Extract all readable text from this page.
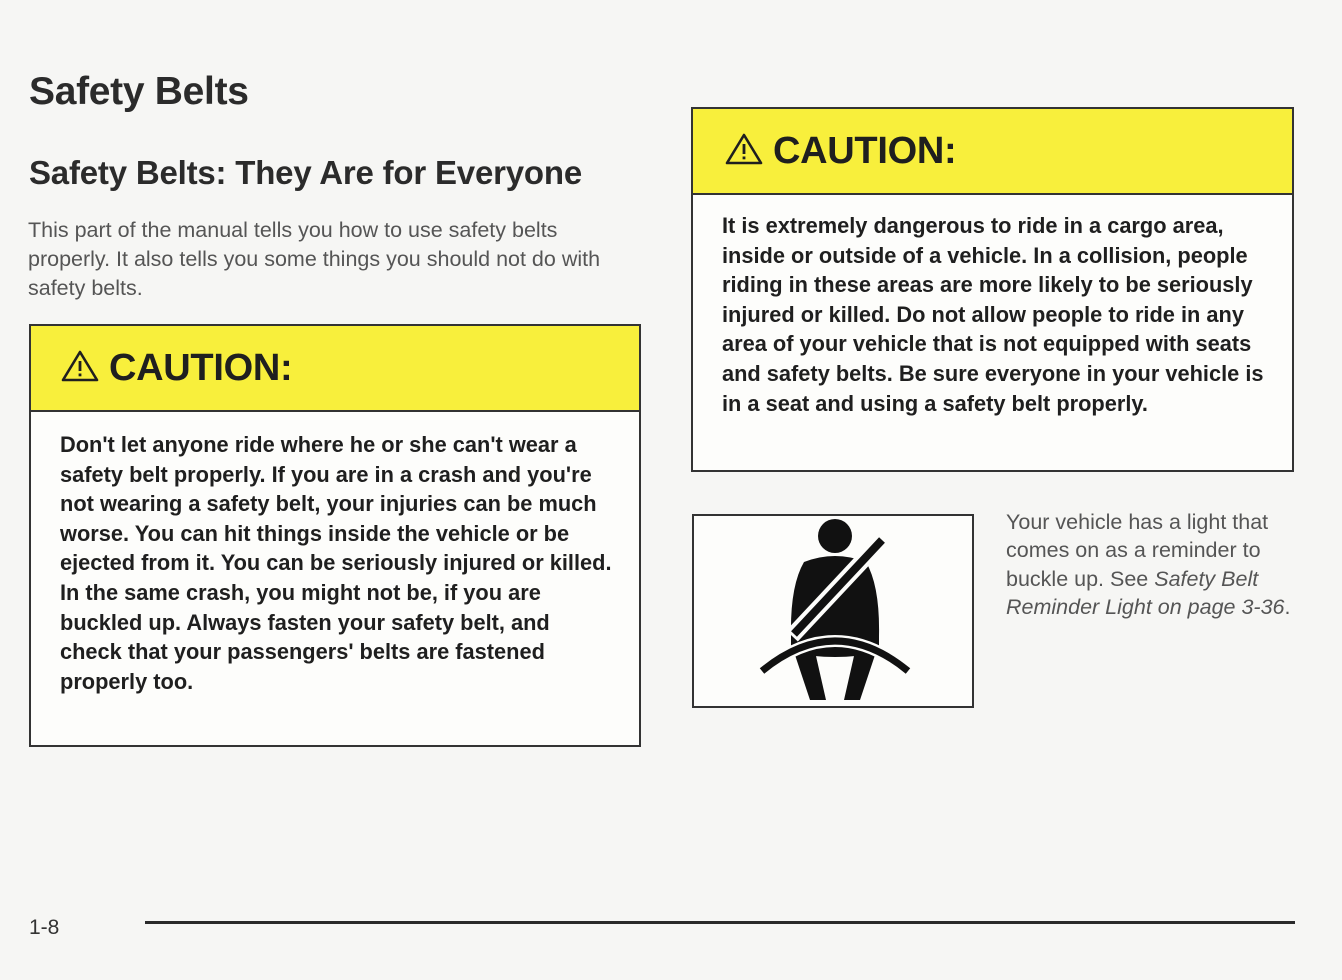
Safety Belts
Safety Belts: They Are for Everyone

This part of the manual tells you how to use safety belts properly. It also tells you some things you should not do with safety belts.

CAUTION:
Don't let anyone ride where he or she can't wear a safety belt properly. If you are in a crash and you're not wearing a safety belt, your injuries can be much worse. You can hit things inside the vehicle or be ejected from it. You can be seriously injured or killed. In the same crash, you might not be, if you are buckled up. Always fasten your safety belt, and check that your passengers' belts are fastened properly too.
CAUTION:
It is extremely dangerous to ride in a cargo area, inside or outside of a vehicle. In a collision, people riding in these areas are more likely to be seriously injured or killed. Do not allow people to ride in any area of your vehicle that is not equipped with seats and safety belts. Be sure everyone in your vehicle is in a seat and using a safety belt properly.

Your vehicle has a light that comes on as a reminder to buckle up. See Safety Belt Reminder Light on page 3-36.

1-8
